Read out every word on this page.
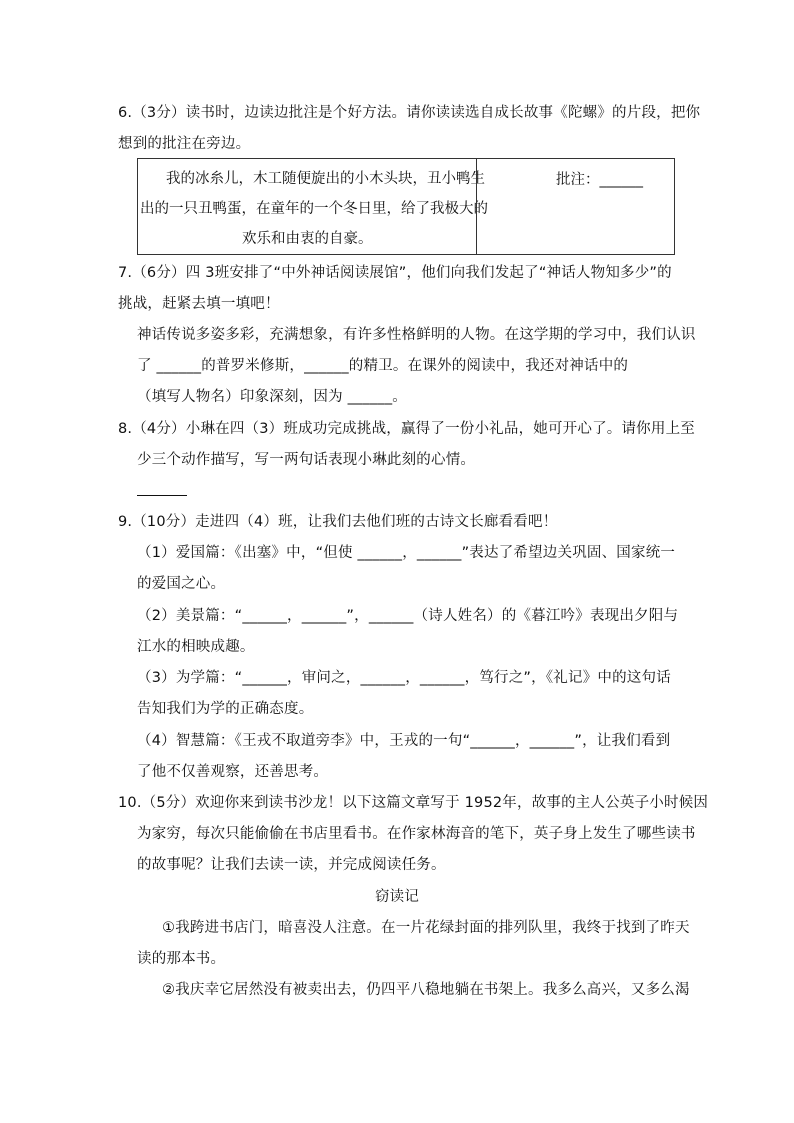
6.（3分）读书时，边读边批注是个好方法。请你读读选自成长故事《陀螺》的片段，把你
想到的批注在旁边。
我的冰糸儿，木工随便旋出的小木头块，丑小鸭生
出的一只丑鸭蛋，在童年的一个冬日里，给了我极大的
欢乐和由衷的自豪。
批注：______
7.（6分）四 3班安排了“中外神话阅读展馆”，他们向我们发起了“神话人物知多少”的
挑战，赶紧去填一填吧！
神话传说多姿多彩，充满想象，有许多性格鲜明的人物。在这学期的学习中，我们认识
了 ______的普罗米修斯，______的精卫。在课外的阅读中，我还对神话中的
（填写人物名）印象深刻，因为 ______。
8.（4分）小琳在四（3）班成功完成挑战，赢得了一份小礼品，她可开心了。请你用上至
少三个动作描写，写一两句话表现小琳此刻的心情。
9.（10分）走进四（4）班，让我们去他们班的古诗文长廊看看吧！
（1）爱国篇：《出塞》中，“但使 ______，______”表达了希望边关巩固、国家统一
的爱国之心。
（2）美景篇：“______，______”，______（诗人姓名）的《暮江吟》表现出夕阳与
江水的相映成趣。
（3）为学篇：“______，审问之，______，______，笃行之”，《礼记》中的这句话
告知我们为学的正确态度。
（4）智慧篇：《王戎不取道旁李》中，王戎的一句“______，______”，让我们看到
了他不仅善观察，还善思考。
10.（5分）欢迎你来到读书沙龙！以下这篇文章写于 1952年，故事的主人公英子小时候因
为家穷，每次只能偷偷在书店里看书。在作家林海音的笔下，英子身上发生了哪些读书
的故事呢？让我们去读一读，并完成阅读任务。
窃读记
①我跨进书店门，暗喜没人注意。在一片花绿封面的排列队里，我终于找到了昨天
读的那本书。
②我庆幸它居然没有被卖出去，仍四平八稳地躺在书架上。我多么高兴，又多么渴
